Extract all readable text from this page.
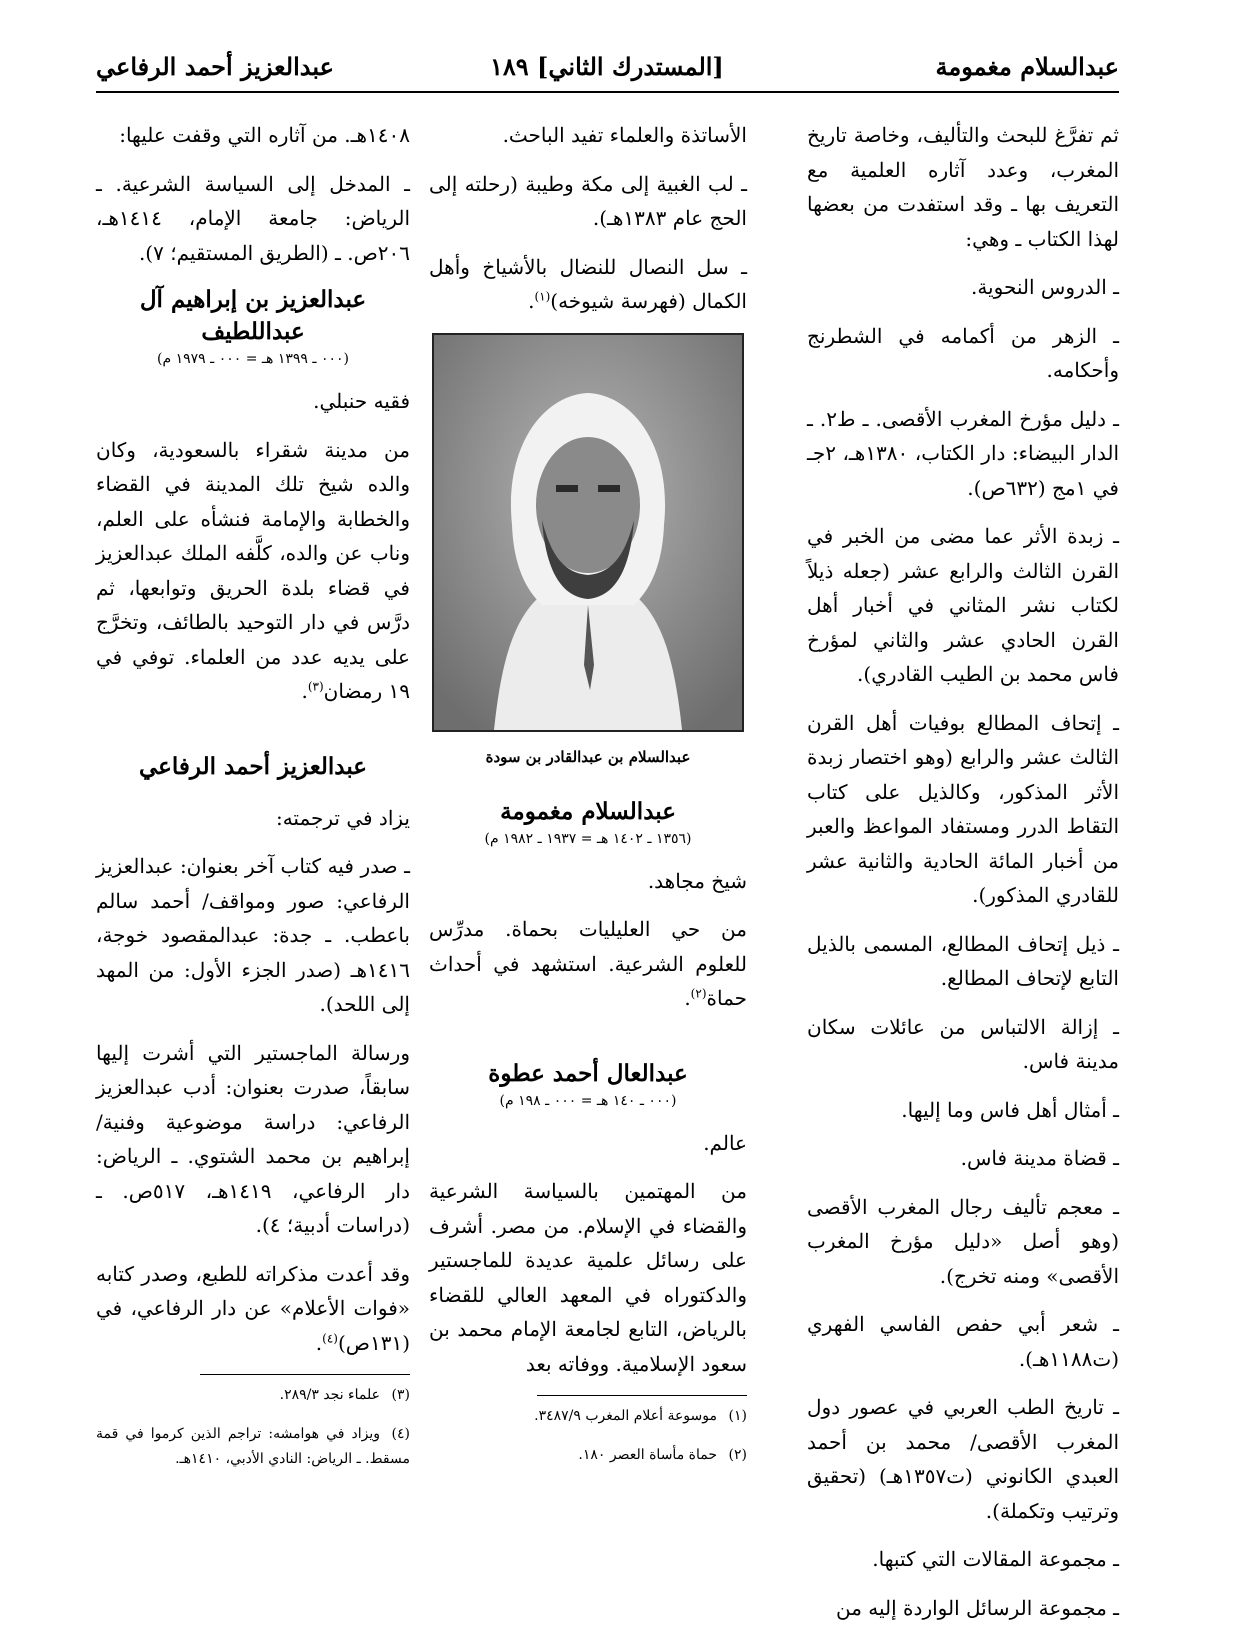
عبدالسلام مغمومة
[المستدرك الثاني] ١٨٩
عبدالعزيز أحمد الرفاعي

ثم تفرَّغ للبحث والتأليف، وخاصة تاريخ المغرب، وعدد آثاره العلمية مع التعريف بها ـ وقد استفدت من بعضها لهذا الكتاب ـ وهي:

ـ الدروس النحوية.

ـ الزهر من أكمامه في الشطرنج وأحكامه.

ـ دليل مؤرخ المغرب الأقصى. ـ ط٢. ـ الدار البيضاء: دار الكتاب، ١٣٨٠هـ، ٢جـ في ١مج (٦٣٢ص).

ـ زبدة الأثر عما مضى من الخبر في القرن الثالث والرابع عشر (جعله ذيلاً لكتاب نشر المثاني في أخبار أهل القرن الحادي عشر والثاني لمؤرخ فاس محمد بن الطيب القادري).

ـ إتحاف المطالع بوفيات أهل القرن الثالث عشر والرابع (وهو اختصار زبدة الأثر المذكور، وكالذيل على كتاب التقاط الدرر ومستفاد المواعظ والعبر من أخبار المائة الحادية والثانية عشر للقادري المذكور).

ـ ذيل إتحاف المطالع، المسمى بالذيل التابع لإتحاف المطالع.

ـ إزالة الالتباس من عائلات سكان مدينة فاس.

ـ أمثال أهل فاس وما إليها.

ـ قضاة مدينة فاس.

ـ معجم تأليف رجال المغرب الأقصى (وهو أصل «دليل مؤرخ المغرب الأقصى» ومنه تخرج).

ـ شعر أبي حفص الفاسي الفهري (ت١١٨٨هـ).

ـ تاريخ الطب العربي في عصور دول المغرب الأقصى/ محمد بن أحمد العبدي الكانوني (ت١٣٥٧هـ) (تحقيق وترتيب وتكملة).

ـ مجموعة المقالات التي كتبها.

ـ مجموعة الرسائل الواردة إليه من

الأساتذة والعلماء تفيد الباحث.

ـ لب الغبية إلى مكة وطيبة (رحلته إلى الحج عام ١٣٨٣هـ).

ـ سل النصال للنضال بالأشياخ وأهل الكمال (فهرسة شيوخه)$^{(١)}$.

عبدالسلام بن عبدالقادر بن سودة
عبدالسلام مغمومة
(١٣٥٦ ـ ١٤٠٢ هـ = ١٩٣٧ ـ ١٩٨٢ م)

شيخ مجاهد.

من حي العليليات بحماة. مدرِّس للعلوم الشرعية. استشهد في أحداث حماة$^{(٢)}$.

عبدالعال أحمد عطوة
(٠٠٠ ـ ١٤٠ هـ = ٠٠٠ ـ ١٩٨ م)

عالم.

من المهتمين بالسياسة الشرعية والقضاء في الإسلام. من مصر. أشرف على رسائل علمية عديدة للماجستير والدكتوراه في المعهد العالي للقضاء بالرياض، التابع لجامعة الإمام محمد بن سعود الإسلامية. ووفاته بعد

(١)موسوعة أعلام المغرب ٣٤٨٧/٩.

(٢)حماة مأساة العصر ١٨٠.

١٤٠٨هـ. من آثاره التي وقفت عليها:

ـ المدخل إلى السياسة الشرعية. ـ الرياض: جامعة الإمام، ١٤١٤هـ، ٢٠٦ص. ـ (الطريق المستقيم؛ ٧).

عبدالعزيز بن إبراهيم آل عبداللطيف
(٠٠٠ ـ ١٣٩٩ هـ = ٠٠٠ ـ ١٩٧٩ م)

فقيه حنبلي.

من مدينة شقراء بالسعودية، وكان والده شيخ تلك المدينة في القضاء والخطابة والإمامة فنشأه على العلم، وناب عن والده، كلَّفه الملك عبدالعزيز في قضاء بلدة الحريق وتوابعها، ثم درَّس في دار التوحيد بالطائف، وتخرَّج على يديه عدد من العلماء. توفي في ١٩ رمضان$^{(٣)}$.

عبدالعزيز أحمد الرفاعي

يزاد في ترجمته:

ـ صدر فيه كتاب آخر بعنوان: عبدالعزيز الرفاعي: صور ومواقف/ أحمد سالم باعطب. ـ جدة: عبدالمقصود خوجة، ١٤١٦هـ (صدر الجزء الأول: من المهد إلى اللحد).

ورسالة الماجستير التي أشرت إليها سابقاً، صدرت بعنوان: أدب عبدالعزيز الرفاعي: دراسة موضوعية وفنية/ إبراهيم بن محمد الشتوي. ـ الرياض: دار الرفاعي، ١٤١٩هـ، ٥١٧ص. ـ (دراسات أدبية؛ ٤).

وقد أعدت مذكراته للطبع، وصدر كتابه «فوات الأعلام» عن دار الرفاعي، في (١٣١ص)$^{(٤)}$.

(٣)علماء نجد ٢٨٩/٣.

(٤)ويزاد في هوامشه: تراجم الذين كرموا في قمة مسقط. ـ الرياض: النادي الأدبي، ١٤١٠هـ.
